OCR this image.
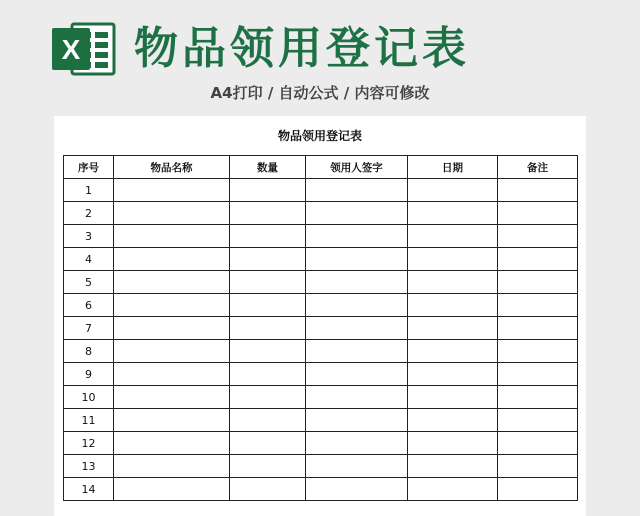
X 物品领用登记表
A4打印 / 自动公式 / 内容可修改
物品领用登记表
序号	物品名称	数量	领用人签字	日期	备注
1					
2					
3					
4					
5					
6					
7					
8					
9					
10					
11					
12					
13					
14					
